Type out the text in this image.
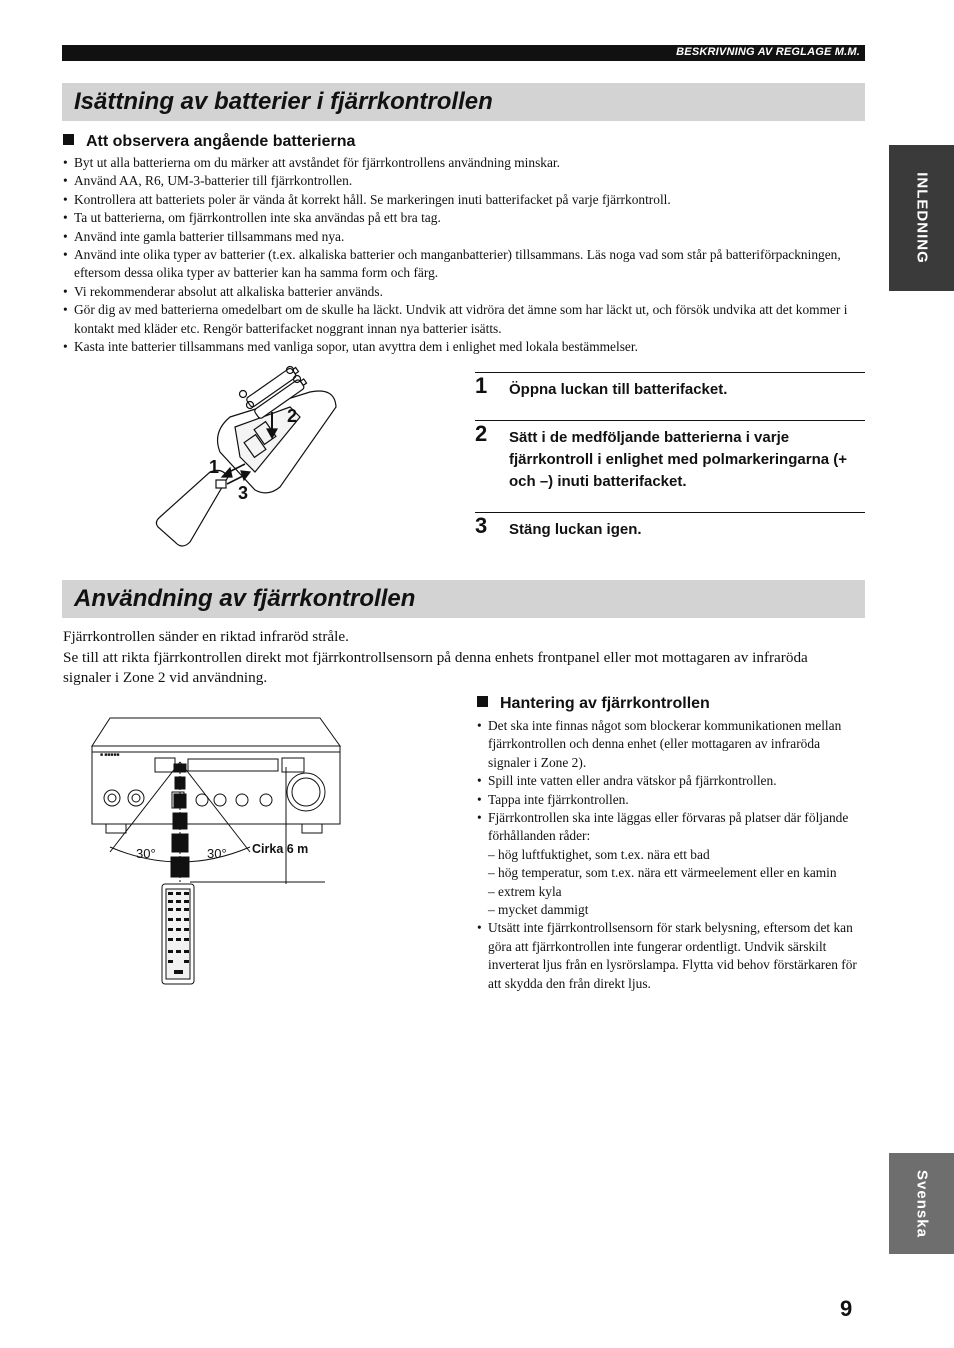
BESKRIVNING AV REGLAGE M.M.
Isättning av batterier i fjärrkontrollen
Att observera angående batterierna
• Byt ut alla batterierna om du märker att avståndet för fjärrkontrollens användning minskar.
• Använd AA, R6, UM-3-batterier till fjärrkontrollen.
• Kontrollera att batteriets poler är vända åt korrekt håll. Se markeringen inuti batterifacket på varje fjärrkontroll.
• Ta ut batterierna, om fjärrkontrollen inte ska användas på ett bra tag.
• Använd inte gamla batterier tillsammans med nya.
• Använd inte olika typer av batterier (t.ex. alkaliska batterier och manganbatterier) tillsammans. Läs noga vad som står på batteriförpackningen, eftersom dessa olika typer av batterier kan ha samma form och färg.
• Vi rekommenderar absolut att alkaliska batterier används.
• Gör dig av med batterierna omedelbart om de skulle ha läckt. Undvik att vidröra det ämne som har läckt ut, och försök undvika att det kommer i kontakt med kläder etc. Rengör batterifacket noggrant innan nya batterier isätts.
• Kasta inte batterier tillsammans med vanliga sopor, utan avyttra dem i enlighet med lokala bestämmelser.
2
1
3
1 Öppna luckan till batterifacket.
2 Sätt i de medföljande batterierna i varje fjärrkontroll i enlighet med polmarkeringarna (+ och –) inuti batterifacket.
3 Stäng luckan igen.
Användning av fjärrkontrollen
Fjärrkontrollen sänder en riktad infraröd stråle.
Se till att rikta fjärrkontrollen direkt mot fjärrkontrollsensorn på denna enhets frontpanel eller mot mottagaren av infraröda signaler i Zone 2 vid användning.
■ ■■■■■
30°	30° Cirka 6 m
Hantering av fjärrkontrollen
• Det ska inte finnas något som blockerar kommunikationen mellan fjärrkontrollen och denna enhet (eller mottagaren av infraröda signaler i Zone 2).
• Spill inte vatten eller andra vätskor på fjärrkontrollen.
• Tappa inte fjärrkontrollen.
• Fjärrkontrollen ska inte läggas eller förvaras på platser där följande förhållanden råder:
– hög luftfuktighet, som t.ex. nära ett bad
– hög temperatur, som t.ex. nära ett värmeelement eller en kamin
– extrem kyla
– mycket dammigt
• Utsätt inte fjärrkontrollsensorn för stark belysning, eftersom det kan göra att fjärrkontrollen inte fungerar ordentligt. Undvik särskilt inverterat ljus från en lysrörslampa. Flytta vid behov förstärkaren för att skydda den från direkt ljus.
INLEDNING
Svenska
9
